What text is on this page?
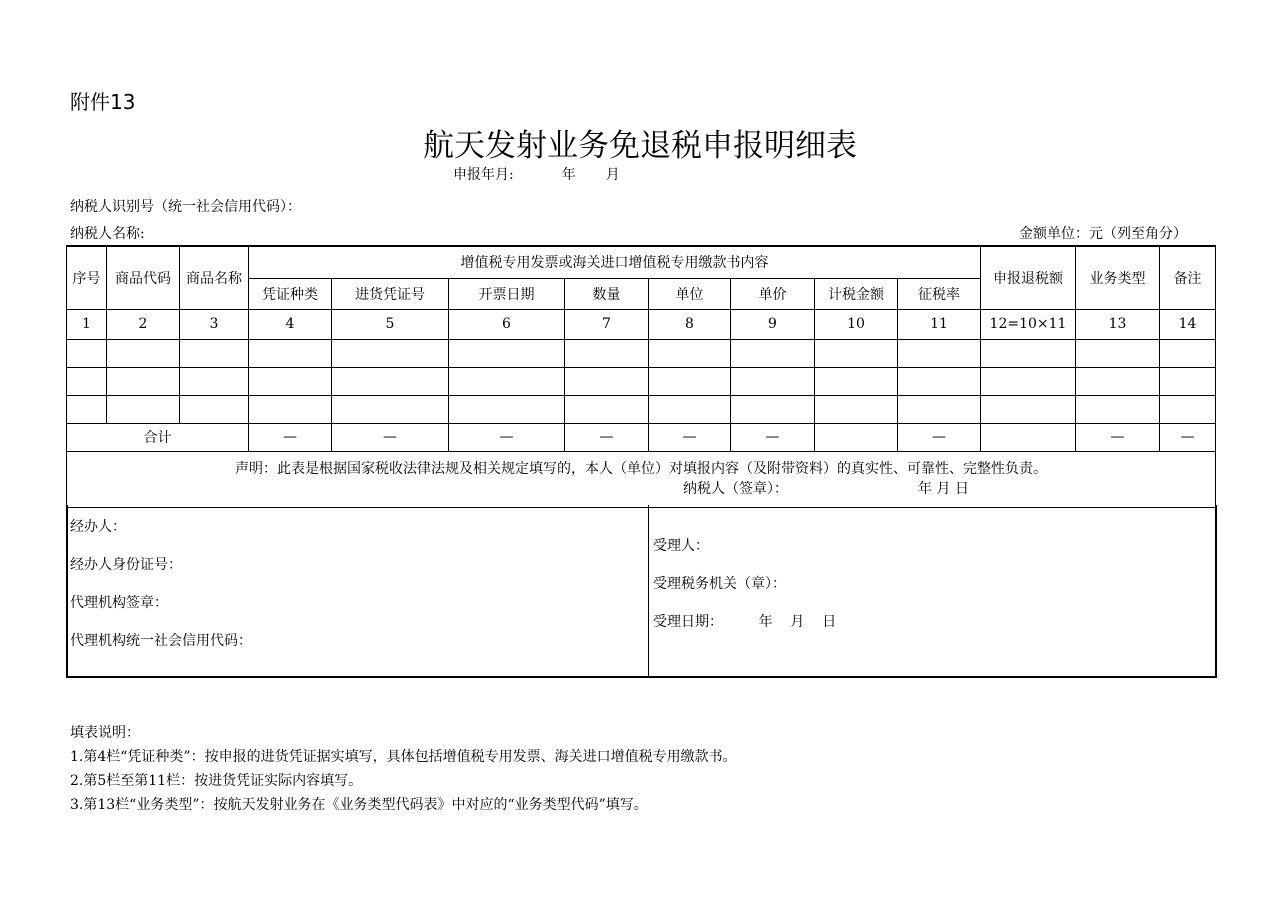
附件13
航天发射业务免退税申报明细表
申报年月:	年 月
纳税人识别号（统一社会信用代码）：
纳税人名称:	金额单位：元（列至角分）
序号	商品代码	商品名称	增值税专用发票或海关进口增值税专用缴款书内容								申报退税额	业务类型	备注
			凭证种类	进货凭证号	开票日期	数量	单位	单价	计税金额	征税率			
1	2	3	4	5	6	7	8	9	10	11	12=10×11	13	14

合计			—	—	—	—	—	—		—		—	—

声明：此表是根据国家税收法律法规及相关规定填写的，本人（单位）对填报内容（及附带资料）的真实性、可靠性、完整性负责。
纳税人（签章）： 年 月 日													
经办人：
经办人身份证号：
代理机构签章：
代理机构统一社会信用代码：
受理人：
受理税务机关（章）：
受理日期：        年    月    日
填表说明：
1.第4栏“凭证种类”：按申报的进货凭证据实填写，具体包括增值税专用发票、海关进口增值税专用缴款书。
2.第5栏至第11栏：按进货凭证实际内容填写。
3.第13栏“业务类型”：按航天发射业务在《业务类型代码表》中对应的“业务类型代码”填写。
